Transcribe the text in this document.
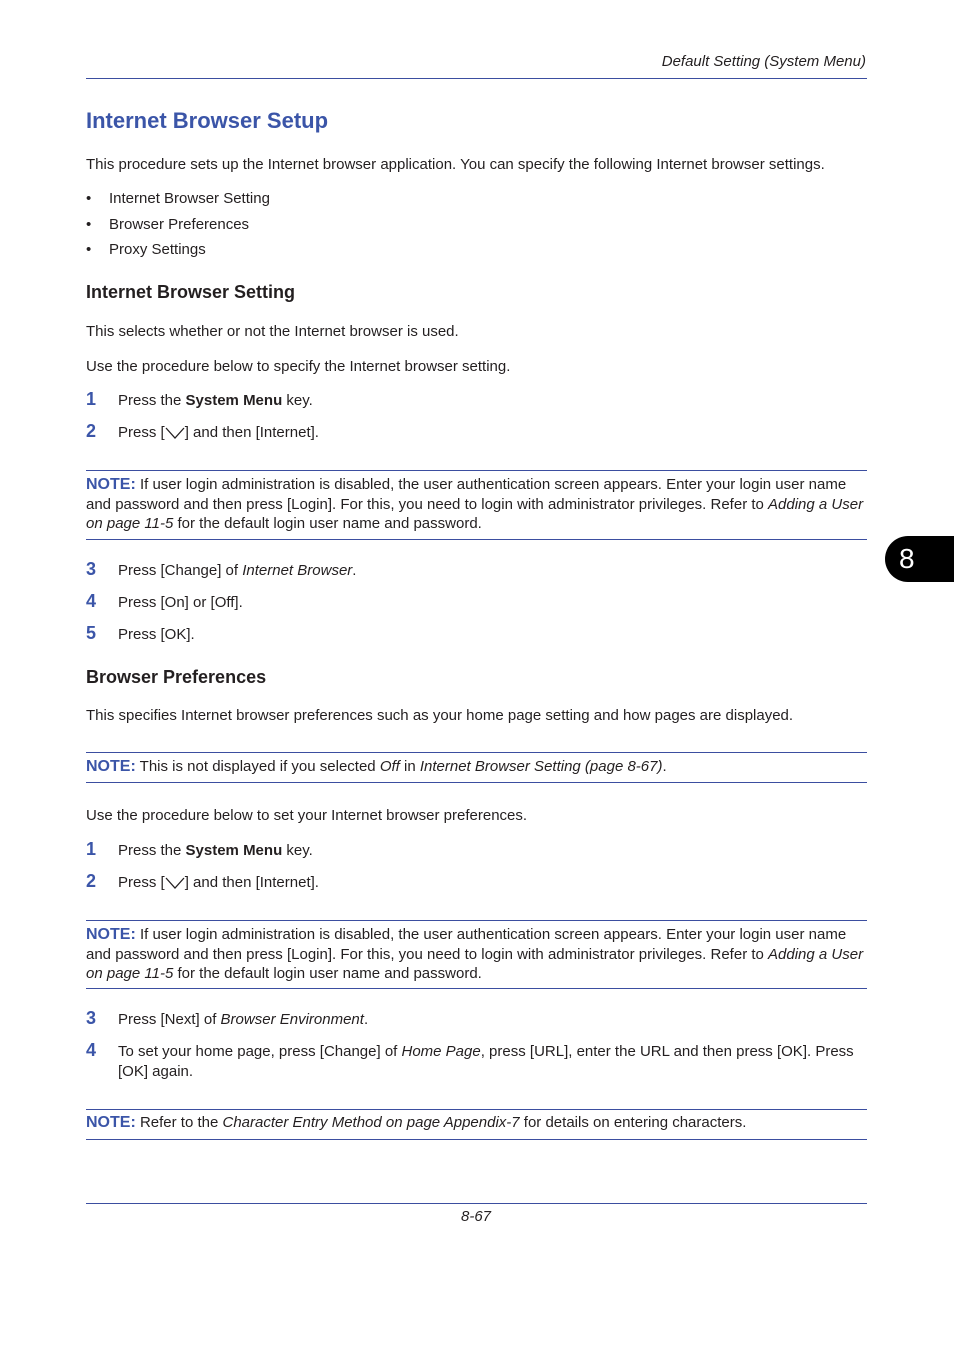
Default Setting (System Menu)
Internet Browser Setup
This procedure sets up the Internet browser application. You can specify the following Internet browser settings.
• Internet Browser Setting
• Browser Preferences
• Proxy Settings
Internet Browser Setting
This selects whether or not the Internet browser is used.
Use the procedure below to specify the Internet browser setting.
1 Press the System Menu key.
2 Press [ ] and then [Internet].
NOTE: If user login administration is disabled, the user authentication screen appears. Enter your login user name and password and then press [Login]. For this, you need to login with administrator privileges. Refer to Adding a User on page 11-5 for the default login user name and password.
3 Press [Change] of Internet Browser.
4 Press [On] or [Off].
5 Press [OK].
Browser Preferences
This specifies Internet browser preferences such as your home page setting and how pages are displayed.
NOTE: This is not displayed if you selected Off in Internet Browser Setting (page 8-67).
Use the procedure below to set your Internet browser preferences.
1 Press the System Menu key.
2 Press [ ] and then [Internet].
NOTE: If user login administration is disabled, the user authentication screen appears. Enter your login user name and password and then press [Login]. For this, you need to login with administrator privileges. Refer to Adding a User on page 11-5 for the default login user name and password.
3 Press [Next] of Browser Environment.
4 To set your home page, press [Change] of Home Page, press [URL], enter the URL and then press [OK]. Press [OK] again.
NOTE: Refer to the Character Entry Method on page Appendix-7 for details on entering characters.
8
8-67
